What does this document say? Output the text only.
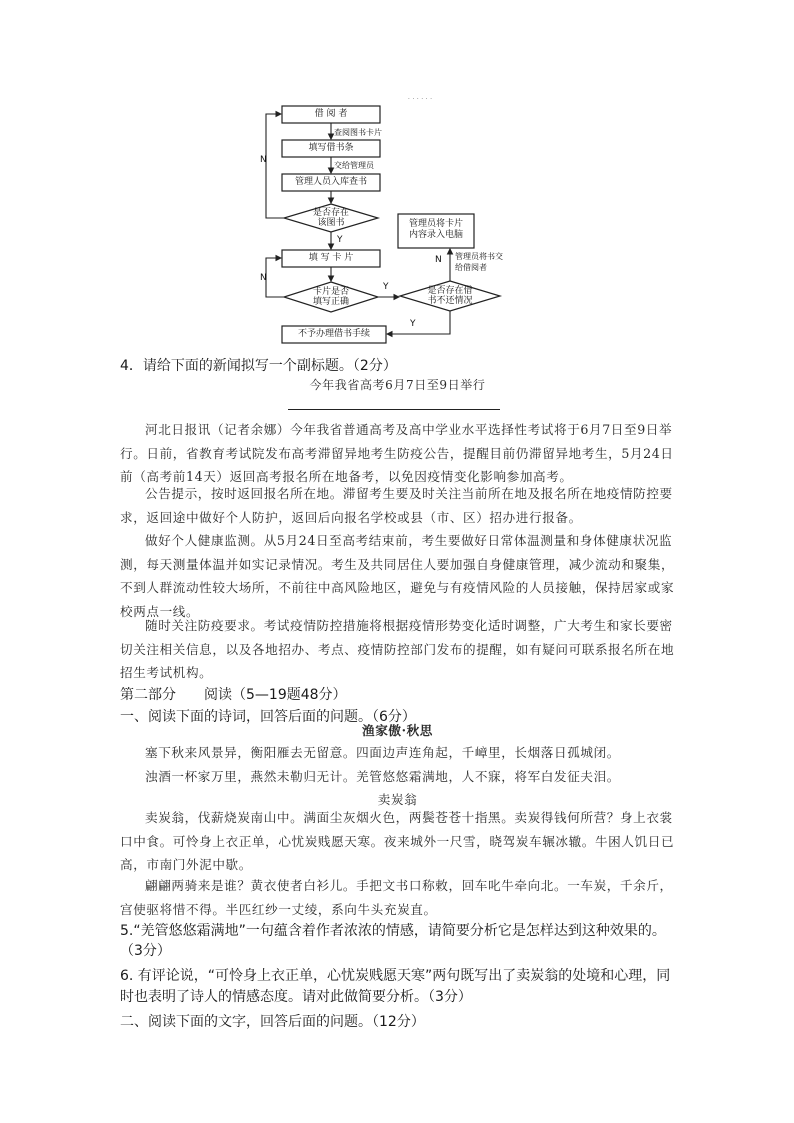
· · · · · ·
借 阅 者
查阅图书卡片
填写借书条
交给管理员
管理人员入库查书
是否存在
该图书
N
Y
填 写 卡 片
N
卡片是否
填写正确
Y
管理员将卡片
内容录入电脑
N 管理员将书交
给借阅者
是否存在借
书不还情况
Y
不予办理借书手续
4．请给下面的新闻拟写一个副标题。（2分）
今年我省高考6月7日至9日举行
河北日报讯（记者余娜）今年我省普通高考及高中学业水平选择性考试将于6月7日至9日举行。日前，省教育考试院发布高考滞留异地考生防疫公告，提醒目前仍滞留异地考生，5月24日前（高考前14天）返回高考报名所在地备考，以免因疫情变化影响参加高考。
公告提示，按时返回报名所在地。滞留考生要及时关注当前所在地及报名所在地疫情防控要求，返回途中做好个人防护，返回后向报名学校或县（市、区）招办进行报备。
做好个人健康监测。从5月24日至高考结束前，考生要做好日常体温测量和身体健康状况监测，每天测量体温并如实记录情况。考生及共同居住人要加强自身健康管理，减少流动和聚集，不到人群流动性较大场所，不前往中高风险地区，避免与有疫情风险的人员接触，保持居家或家校两点一线。
随时关注防疫要求。考试疫情防控措施将根据疫情形势变化适时调整，广大考生和家长要密切关注相关信息，以及各地招办、考点、疫情防控部门发布的提醒，如有疑问可联系报名所在地招生考试机构。
第二部分　　阅读（5—19题48分）
一、阅读下面的诗词，回答后面的问题。（6分）
渔家傲·秋思
塞下秋来风景异，衡阳雁去无留意。四面边声连角起，千嶂里，长烟落日孤城闭。
浊酒一杯家万里，燕然未勒归无计。羌管悠悠霜满地，人不寐，将军白发征夫泪。
卖炭翁
卖炭翁，伐薪烧炭南山中。满面尘灰烟火色，两鬓苍苍十指黑。卖炭得钱何所营？身上衣裳口中食。可怜身上衣正单，心忧炭贱愿天寒。夜来城外一尺雪，晓驾炭车辗冰辙。牛困人饥日已高，市南门外泥中歇。
翩翩两骑来是谁？黄衣使者白衫儿。手把文书口称敕，回车叱牛牵向北。一车炭，千余斤，宫使驱将惜不得。半匹红纱一丈绫，系向牛头充炭直。
5.“羌管悠悠霜满地”一句蕴含着作者浓浓的情感，请简要分析它是怎样达到这种效果的。（3分）
6. 有评论说，“可怜身上衣正单，心忧炭贱愿天寒”两句既写出了卖炭翁的处境和心理，同时也表明了诗人的情感态度。请对此做简要分析。（3分）
二、阅读下面的文字，回答后面的问题。（12分）
